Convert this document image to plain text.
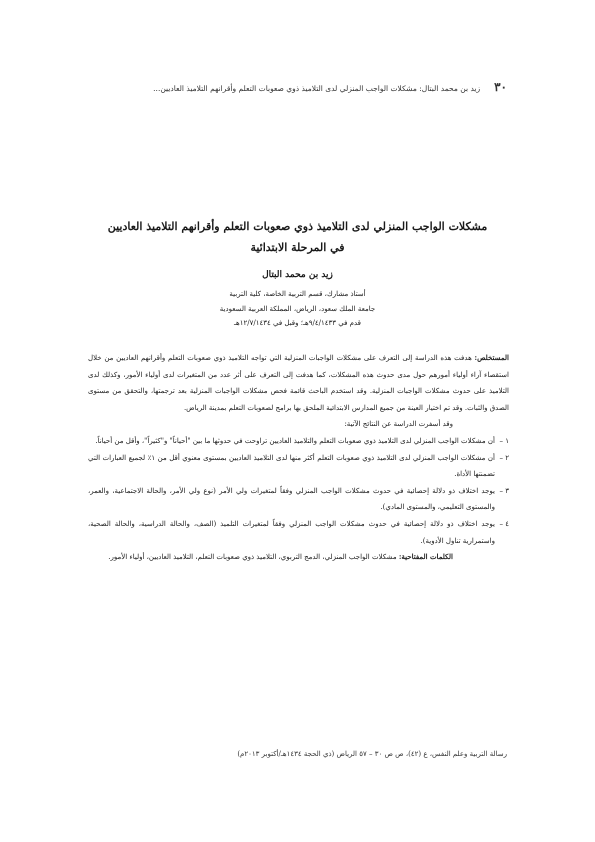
٣٠
زيد بن محمد البتال: مشكلات الواجب المنزلي لدى التلاميذ ذوي صعوبات التعلم وأقرانهم التلاميذ العاديين...

مشكلات الواجب المنزلي لدى التلاميذ ذوي صعوبات التعلم وأقرانهم التلاميذ العاديين

في المرحلة الابتدائية

زيد بن محمد البتال
أستاذ مشارك، قسم التربية الخاصة، كلية التربية
جامعة الملك سعود، الرياض، المملكة العربية السعودية
قدم في ٩/٤/١٤٣٣هـ؛ وقبل في ١٢/٧/١٤٣٤هـ

المستخلص: هدفت هذه الدراسة إلى التعرف على مشكلات الواجبات المنزلية التي تواجه التلاميذ ذوي صعوبات التعلم وأقرانهم العاديين من خلال استقصاء آراء أولياء أمورهم حول مدى حدوث هذه المشكلات، كما هدفت إلى التعرف على أثر عدد من المتغيرات لدى أولياء الأمور، وكذلك لدى التلاميذ على حدوث مشكلات الواجبات المنزلية. وقد استخدم الباحث قائمة فحص مشكلات الواجبات المنزلية بعد ترجمتها، والتحقق من مستوى الصدق والثبات. وقد تم اختيار العينة من جميع المدارس الابتدائية الملحق بها برامج لصعوبات التعلم بمدينة الرياض.

وقد أسفرت الدراسة عن النتائج الآتية:

١ –
أن مشكلات الواجب المنزلي لدى التلاميذ ذوي صعوبات التعلم والتلاميذ العاديين تراوحت في حدوثها ما بين "أحياناً" و"كثيراً"، وأقل من أحياناً.

٢ –
أن مشكلات الواجب المنزلي لدى التلاميذ ذوي صعوبات التعلم أكثر منها لدى التلاميذ العاديين بمستوى معنوي أقل من ١٪ لجميع العبارات التي تضمنتها الأداة.

٣ –
يوجد اختلاف ذو دلالة إحصائية في حدوث مشكلات الواجب المنزلي وفقاً لمتغيرات ولي الأمر (نوع ولي الأمر، والحالة الاجتماعية، والعمر، والمستوى التعليمي، والمستوى المادي).

٤ –
يوجد اختلاف ذو دلالة إحصائية في حدوث مشكلات الواجب المنزلي وفقاً لمتغيرات التلميذ (الصف، والحالة الدراسية، والحالة الصحية، واستمرارية تناول الأدوية).

الكلمات المفتاحية: مشكلات الواجب المنزلي، الدمج التربوي، التلاميذ ذوي صعوبات التعلم، التلاميذ العاديين، أولياء الأمور.

رسالة التربية وعلم النفس، ع (٤٢)، ص ص ٣٠ – ٥٧ الرياض (ذي الحجة ١٤٣٤هـ/أكتوبر ٢٠١٣م)
